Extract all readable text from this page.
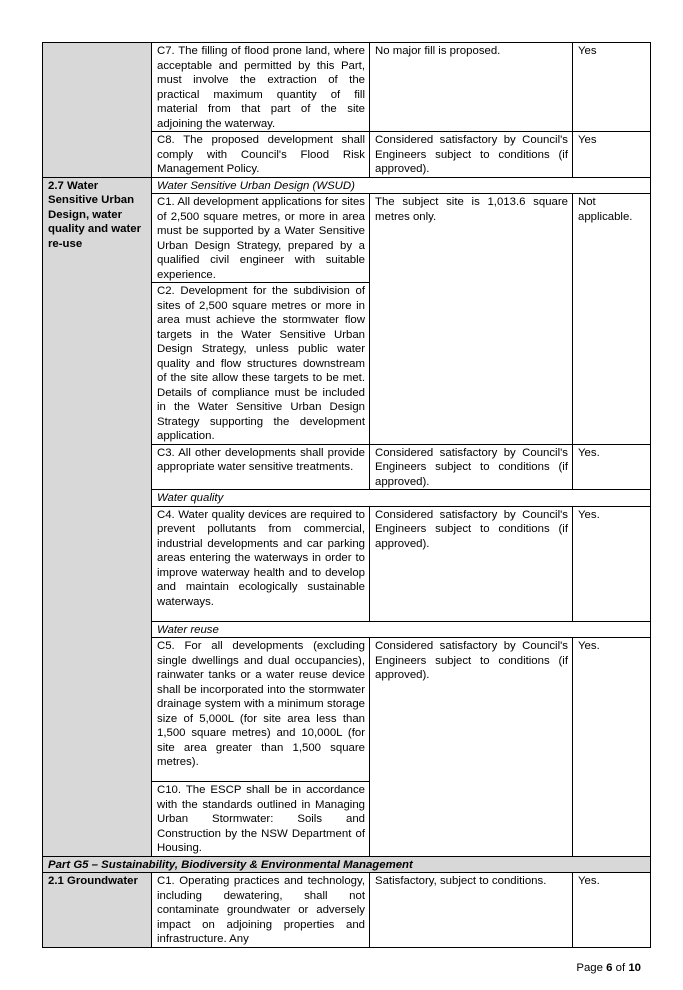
	C7. The filling of flood prone land, where acceptable and permitted by this Part, must involve the extraction of the practical maximum quantity of fill material from that part of the site adjoining the waterway.	No major fill is proposed.	Yes
	C8. The proposed development shall comply with Council's Flood Risk Management Policy.	Considered satisfactory by Council's Engineers subject to conditions (if approved).	Yes
2.7 Water Sensitive Urban Design, water quality and water re-use	Water Sensitive Urban Design (WSUD)		
	C1. All development applications for sites of 2,500 square metres, or more in area must be supported by a Water Sensitive Urban Design Strategy, prepared by a qualified civil engineer with suitable experience.	The subject site is 1,013.6 square metres only.	Not applicable.
	C2. Development for the subdivision of sites of 2,500 square metres or more in area must achieve the stormwater flow targets in the Water Sensitive Urban Design Strategy, unless public water quality and flow structures downstream of the site allow these targets to be met. Details of compliance must be included in the Water Sensitive Urban Design Strategy supporting the development application.		
	C3. All other developments shall provide appropriate water sensitive treatments.	Considered satisfactory by Council's Engineers subject to conditions (if approved).	Yes.
	Water quality		
	C4. Water quality devices are required to prevent pollutants from commercial, industrial developments and car parking areas entering the waterways in order to improve waterway health and to develop and maintain ecologically sustainable waterways.	Considered satisfactory by Council's Engineers subject to conditions (if approved).	Yes.
	Water reuse		
	C5. For all developments (excluding single dwellings and dual occupancies), rainwater tanks or a water reuse device shall be incorporated into the stormwater drainage system with a minimum storage size of 5,000L (for site area less than 1,500 square metres) and 10,000L (for site area greater than 1,500 square metres).	Considered satisfactory by Council's Engineers subject to conditions (if approved).	Yes.
	C10. The ESCP shall be in accordance with the standards outlined in Managing Urban Stormwater: Soils and Construction by the NSW Department of Housing.		
Part G5 – Sustainability, Biodiversity & Environmental Management			
2.1 Groundwater	C1. Operating practices and technology, including dewatering, shall not contaminate groundwater or adversely impact on adjoining properties and infrastructure. Any	Satisfactory, subject to conditions.	Yes.
Page 6 of 10
